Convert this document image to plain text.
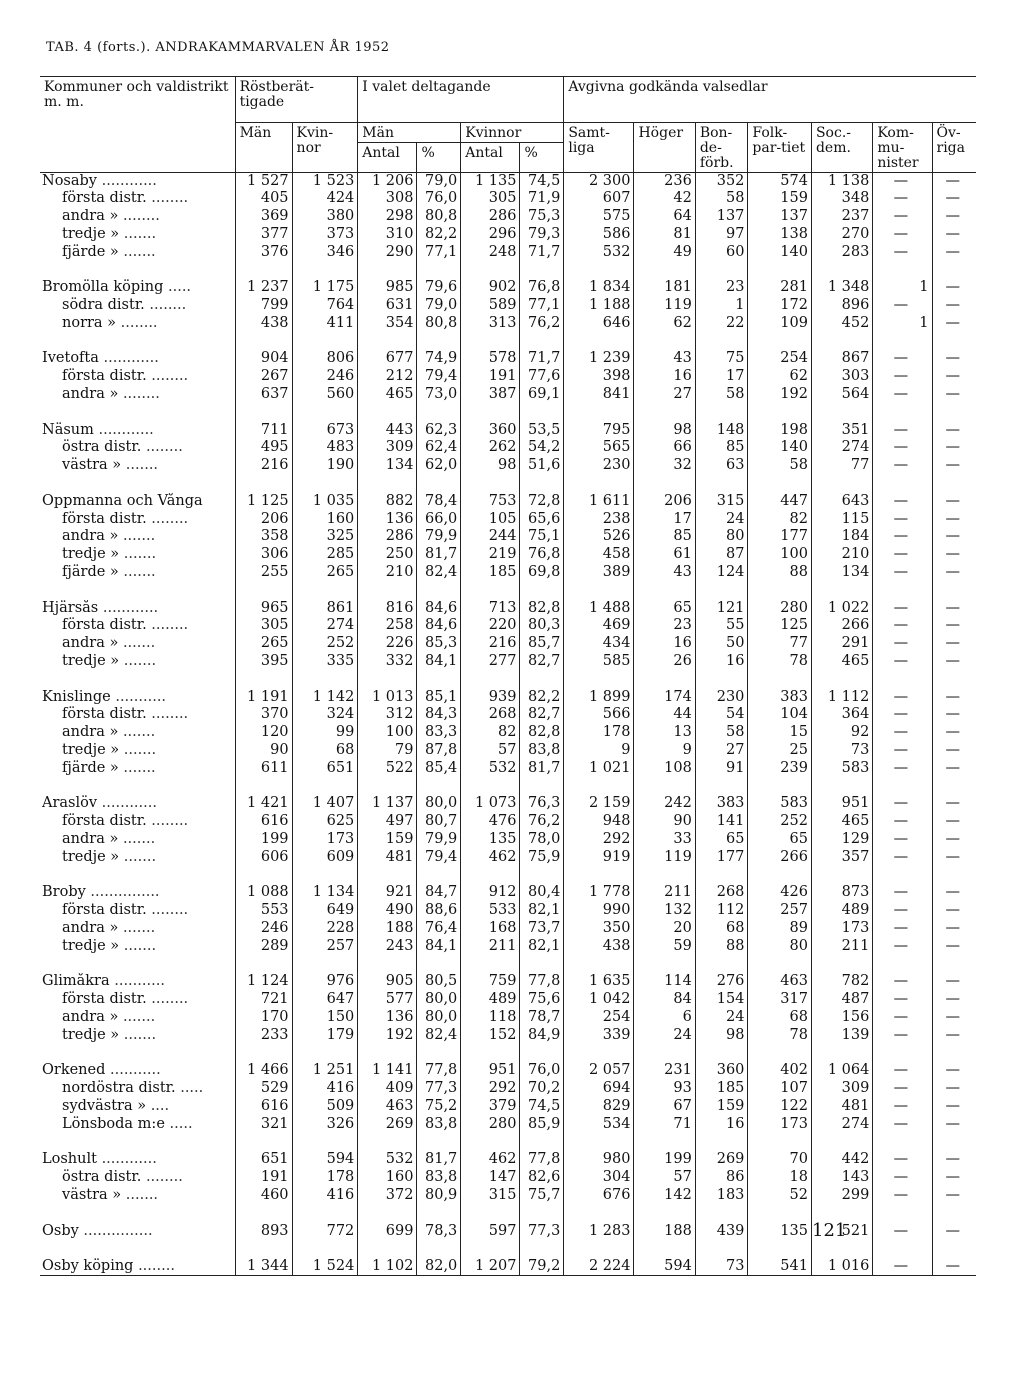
TAB. 4 (forts.). ANDRAKAMMARVALEN ÅR 1952
Kommuner och valdistrikt m. m.	Röstberät-tigade		I valet deltagande				Avgivna godkända valsedlar						
	Män	Kvin-nor	Män		Kvinnor		Samt-liga	Höger	Bon-de-förb.	Folk-par-tiet	Soc.-dem.	Kom-mu-nister	Öv-riga
			Antal	%	Antal	%							
Nosaby ............	1 527	1 523	1 206	79,0	1 135	74,5	2 300	236	352	574	1 138	—	—
första distr. ........	405	424	308	76,0	305	71,9	607	42	58	159	348	—	—
andra » ........	369	380	298	80,8	286	75,3	575	64	137	137	237	—	—
tredje » .......	377	373	310	82,2	296	79,3	586	81	97	138	270	—	—
fjärde » .......	376	346	290	77,1	248	71,7	532	49	60	140	283	—	—

Bromölla köping .....	1 237	1 175	985	79,6	902	76,8	1 834	181	23	281	1 348	1	—
södra distr. ........	799	764	631	79,0	589	77,1	1 188	119	1	172	896	—	—
norra » ........	438	411	354	80,8	313	76,2	646	62	22	109	452	1	—

Ivetofta ............	904	806	677	74,9	578	71,7	1 239	43	75	254	867	—	—
första distr. ........	267	246	212	79,4	191	77,6	398	16	17	62	303	—	—
andra » ........	637	560	465	73,0	387	69,1	841	27	58	192	564	—	—

Näsum ............	711	673	443	62,3	360	53,5	795	98	148	198	351	—	—
östra distr. ........	495	483	309	62,4	262	54,2	565	66	85	140	274	—	—
västra » .......	216	190	134	62,0	98	51,6	230	32	63	58	77	—	—

Oppmanna och Vånga	1 125	1 035	882	78,4	753	72,8	1 611	206	315	447	643	—	—
första distr. ........	206	160	136	66,0	105	65,6	238	17	24	82	115	—	—
andra » .......	358	325	286	79,9	244	75,1	526	85	80	177	184	—	—
tredje » .......	306	285	250	81,7	219	76,8	458	61	87	100	210	—	—
fjärde » .......	255	265	210	82,4	185	69,8	389	43	124	88	134	—	—

Hjärsås ............	965	861	816	84,6	713	82,8	1 488	65	121	280	1 022	—	—
första distr. ........	305	274	258	84,6	220	80,3	469	23	55	125	266	—	—
andra » .......	265	252	226	85,3	216	85,7	434	16	50	77	291	—	—
tredje » .......	395	335	332	84,1	277	82,7	585	26	16	78	465	—	—

Knislinge ...........	1 191	1 142	1 013	85,1	939	82,2	1 899	174	230	383	1 112	—	—
första distr. ........	370	324	312	84,3	268	82,7	566	44	54	104	364	—	—
andra » .......	120	99	100	83,3	82	82,8	178	13	58	15	92	—	—
tredje » .......	90	68	79	87,8	57	83,8	9	9	27	25	73	—	—
fjärde » .......	611	651	522	85,4	532	81,7	1 021	108	91	239	583	—	—

Araslöv ............	1 421	1 407	1 137	80,0	1 073	76,3	2 159	242	383	583	951	—	—
första distr. ........	616	625	497	80,7	476	76,2	948	90	141	252	465	—	—
andra » .......	199	173	159	79,9	135	78,0	292	33	65	65	129	—	—
tredje » .......	606	609	481	79,4	462	75,9	919	119	177	266	357	—	—

Broby ...............	1 088	1 134	921	84,7	912	80,4	1 778	211	268	426	873	—	—
första distr. ........	553	649	490	88,6	533	82,1	990	132	112	257	489	—	—
andra » .......	246	228	188	76,4	168	73,7	350	20	68	89	173	—	—
tredje » .......	289	257	243	84,1	211	82,1	438	59	88	80	211	—	—

Glimåkra ...........	1 124	976	905	80,5	759	77,8	1 635	114	276	463	782	—	—
första distr. ........	721	647	577	80,0	489	75,6	1 042	84	154	317	487	—	—
andra » .......	170	150	136	80,0	118	78,7	254	6	24	68	156	—	—
tredje » .......	233	179	192	82,4	152	84,9	339	24	98	78	139	—	—

Örkened ...........	1 466	1 251	1 141	77,8	951	76,0	2 057	231	360	402	1 064	—	—
nordöstra distr. .....	529	416	409	77,3	292	70,2	694	93	185	107	309	—	—
sydvästra » ....	616	509	463	75,2	379	74,5	829	67	159	122	481	—	—
Lönsboda m:e .....	321	326	269	83,8	280	85,9	534	71	16	173	274	—	—

Loshult ............	651	594	532	81,7	462	77,8	980	199	269	70	442	—	—
östra distr. ........	191	178	160	83,8	147	82,6	304	57	86	18	143	—	—
västra » .......	460	416	372	80,9	315	75,7	676	142	183	52	299	—	—

Osby ...............	893	772	699	78,3	597	77,3	1 283	188	439	135	521	—	—

Osby köping ........	1 344	1 524	1 102	82,0	1 207	79,2	2 224	594	73	541	1 016	—	—
121
